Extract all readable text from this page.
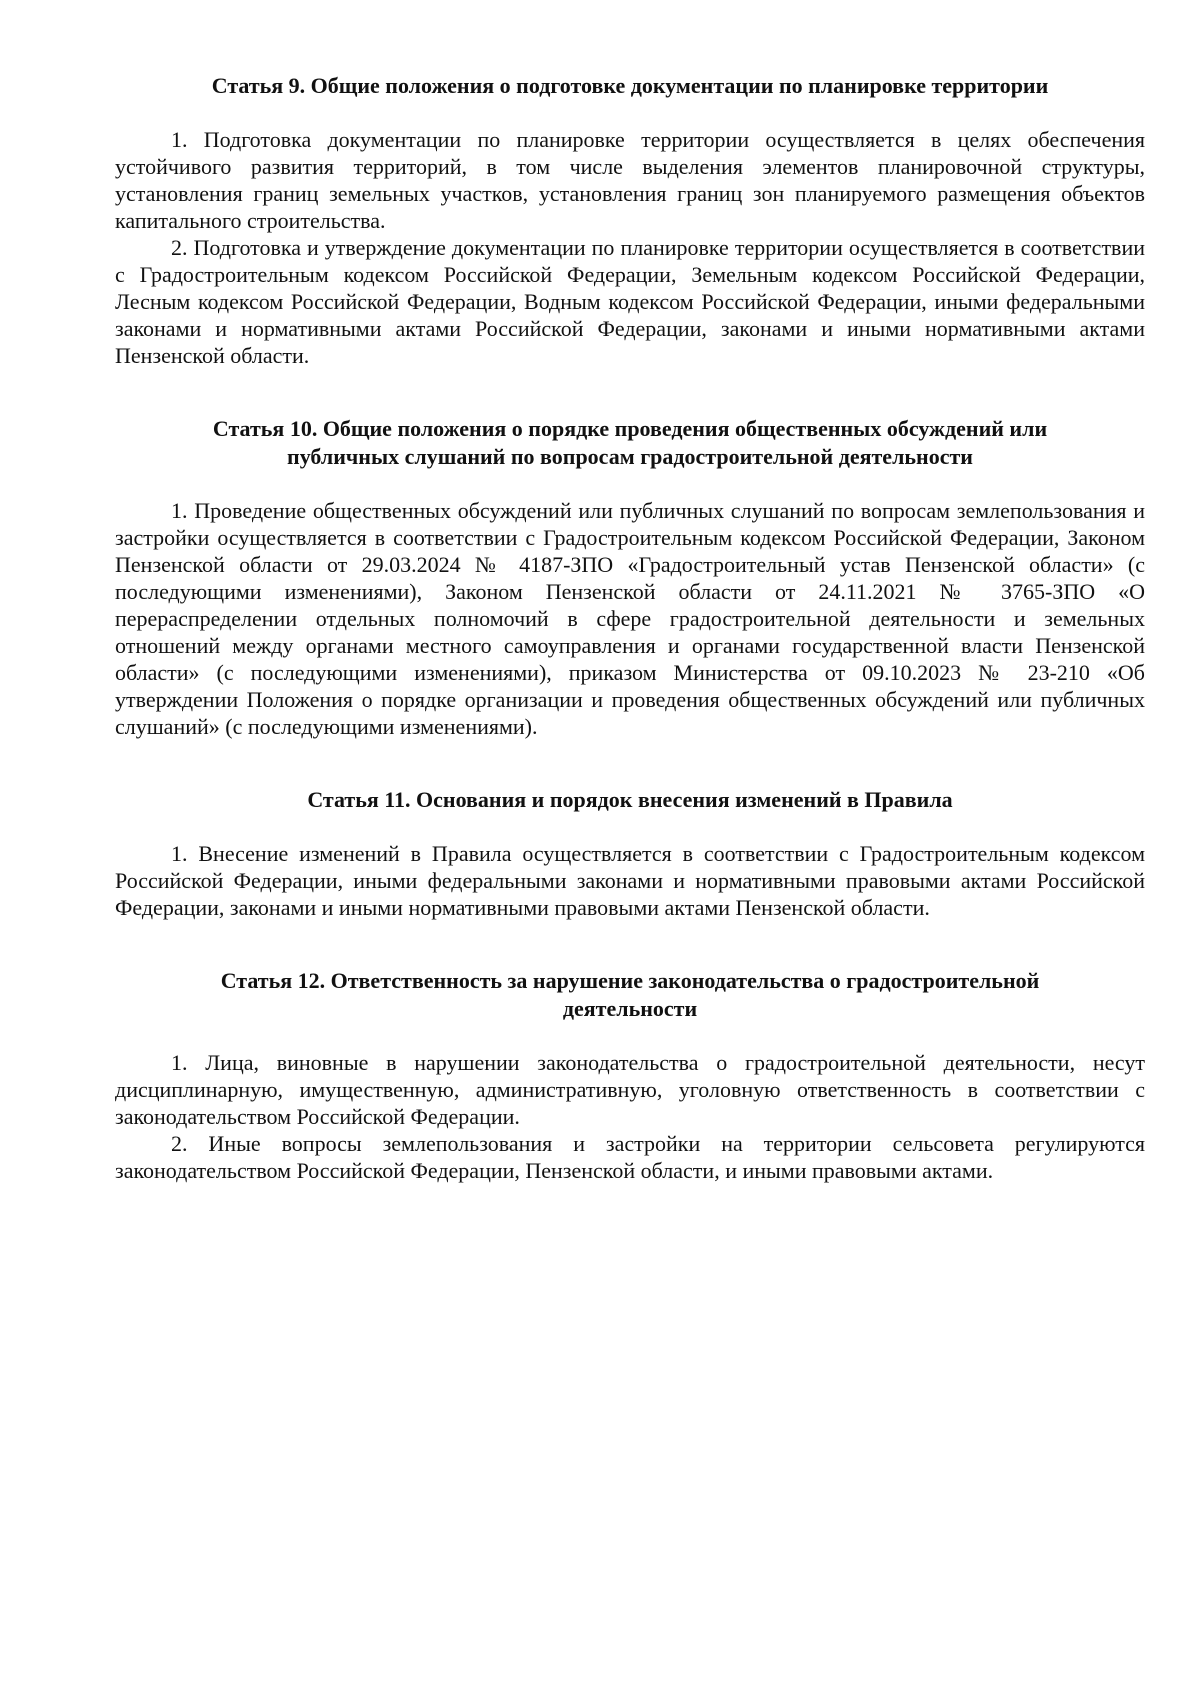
Статья 9. Общие положения о подготовке документации по планировке территории

1. Подготовка документации по планировке территории осуществляется в целях обеспечения устойчивого развития территорий, в том числе выделения элементов планировочной структуры, установления границ земельных участков, установления границ зон планируемого размещения объектов капитального строительства.

2. Подготовка и утверждение документации по планировке территории осуществляется в соответствии с Градостроительным кодексом Российской Федерации, Земельным кодексом Российской Федерации, Лесным кодексом Российской Федерации, Водным кодексом Российской Федерации, иными федеральными законами и нормативными актами Российской Федерации, законами и иными нормативными актами Пензенской области.

Статья 10. Общие положения о порядке проведения общественных обсуждений или публичных слушаний по вопросам градостроительной деятельности

1. Проведение общественных обсуждений или публичных слушаний по вопросам землепользования и застройки осуществляется в соответствии с Градостроительным кодексом Российской Федерации, Законом Пензенской области от 29.03.2024 № 4187-ЗПО «Градостроительный устав Пензенской области» (с последующими изменениями), Законом Пензенской области от 24.11.2021 № 3765-ЗПО «О перераспределении отдельных полномочий в сфере градостроительной деятельности и земельных отношений между органами местного самоуправления и органами государственной власти Пензенской области» (с последующими изменениями), приказом Министерства от 09.10.2023 № 23-210 «Об утверждении Положения о порядке организации и проведения общественных обсуждений или публичных слушаний» (с последующими изменениями).

Статья 11. Основания и порядок внесения изменений в Правила

1. Внесение изменений в Правила осуществляется в соответствии с Градостроительным кодексом Российской Федерации, иными федеральными законами и нормативными правовыми актами Российской Федерации, законами и иными нормативными правовыми актами Пензенской области.

Статья 12. Ответственность за нарушение законодательства о градостроительной деятельности

1. Лица, виновные в нарушении законодательства о градостроительной деятельности, несут дисциплинарную, имущественную, административную, уголовную ответственность в соответствии с законодательством Российской Федерации.

2. Иные вопросы землепользования и застройки на территории сельсовета регулируются законодательством Российской Федерации, Пензенской области, и иными правовыми актами.
